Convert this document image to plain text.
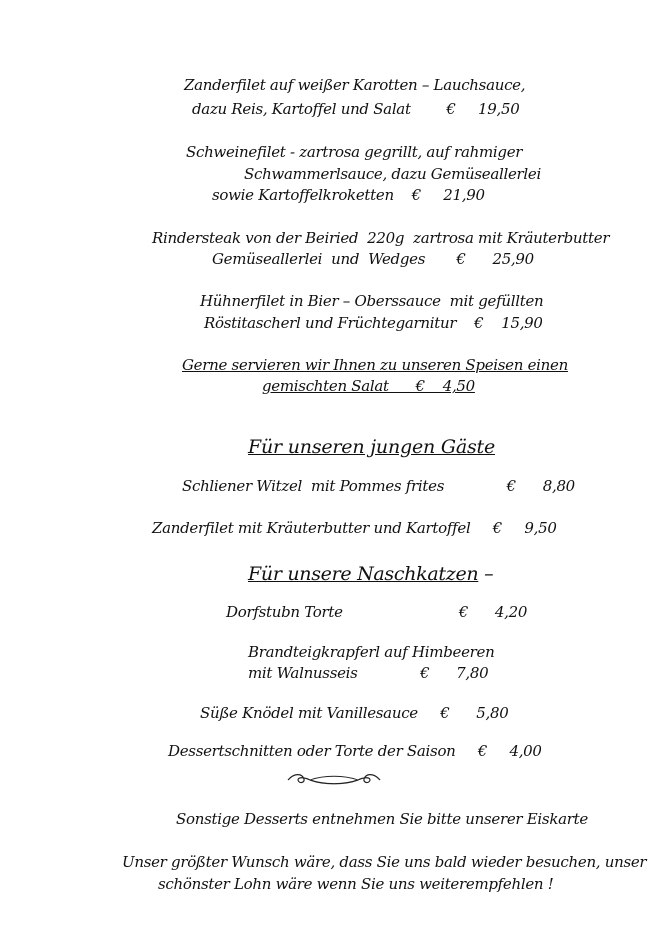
Zanderfilet auf weißer Karotten – Lauchsauce,
dazu Reis, Kartoffel und Salat        €     19,50
Schweinefilet - zartrosa gegrillt, auf rahmiger
Schwammerlsauce, dazu Gemüseallerlei
sowie Kartoffelkroketten    €     21,90
Rindersteak von der Beiried  220g  zartrosa mit Kräuterbutter
Gemüseallerlei  und  Wedges       €      25,90
Hühnerfilet in Bier – Oberssauce  mit gefüllten
Röstitascherl und Früchtegarnitur    €    15,90
Gerne servieren wir Ihnen zu unseren Speisen einen
gemischten Salat      €    4,50
Für unseren jungen Gäste
Schliener Witzel  mit Pommes frites              €      8,80
Zanderfilet mit Kräuterbutter und Kartoffel     €     9,50
Für unsere Naschkatzen –
Dorfstubn Torte                          €      4,20
Brandteigkrapferl auf Himbeeren
mit Walnusseis              €      7,80
Süße Knödel mit Vanillesauce     €      5,80
Dessertschnitten oder Torte der Saison     €     4,00
Sonstige Desserts entnehmen Sie bitte unserer Eiskarte
Unser größter Wunsch wäre, dass Sie uns bald wieder besuchen, unser
schönster Lohn wäre wenn Sie uns weiterempfehlen !
